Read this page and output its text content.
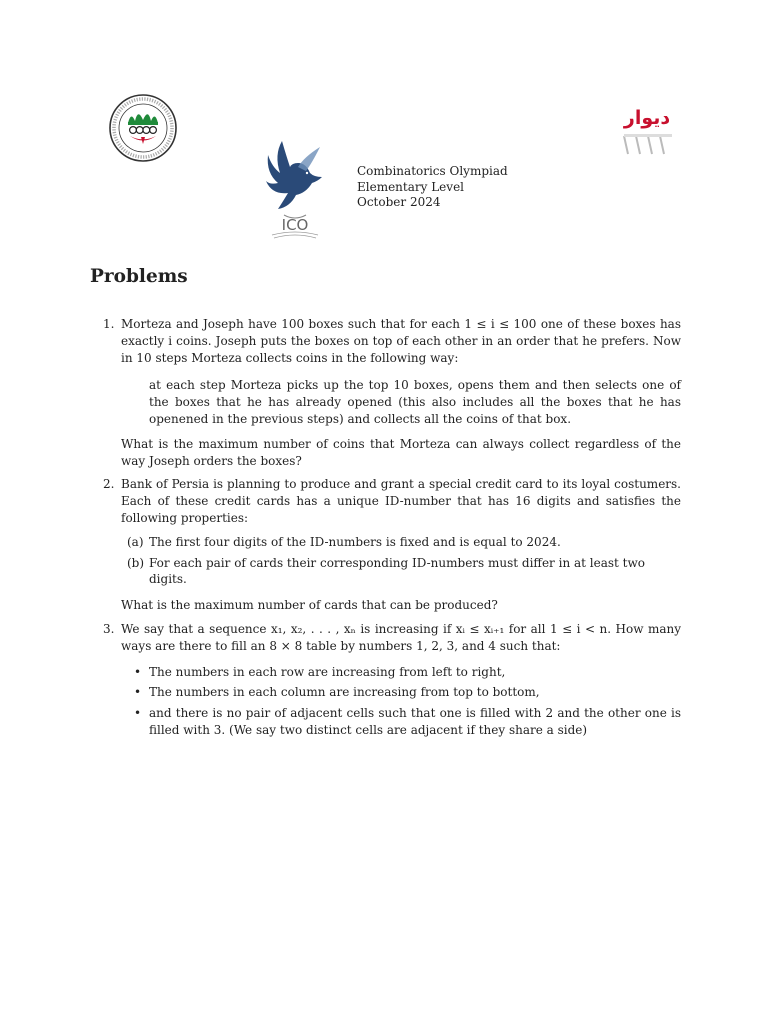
ICO
دیوار
Combinatorics Olympiad
Elementary Level
October 2024
Problems
1. Morteza and Joseph have 100 boxes such that for each 1 ≤ i ≤ 100 one of these boxes has exactly i coins. Joseph puts the boxes on top of each other in an order that he prefers. Now in 10 steps Morteza collects coins in the following way:

at each step Morteza picks up the top 10 boxes, opens them and then selects one of the boxes that he has already opened (this also includes all the boxes that he has openened in the previous steps) and collects all the coins of that box.

What is the maximum number of coins that Morteza can always collect regardless of the way Joseph orders the boxes?

2. Bank of Persia is planning to produce and grant a special credit card to its loyal costumers. Each of these credit cards has a unique ID-number that has 16 digits and satisfies the following properties:

(a) The first four digits of the ID-numbers is fixed and is equal to 2024.
(b) For each pair of cards their corresponding ID-numbers must differ in at least two digits.

What is the maximum number of cards that can be produced?

3. We say that a sequence x₁, x₂, . . . , xₙ is increasing if xᵢ ≤ xᵢ₊₁ for all 1 ≤ i < n. How many ways are there to fill an 8 × 8 table by numbers 1, 2, 3, and 4 such that:

• The numbers in each row are increasing from left to right,
• The numbers in each column are increasing from top to bottom,
• and there is no pair of adjacent cells such that one is filled with 2 and the other one is filled with 3. (We say two distinct cells are adjacent if they share a side)
